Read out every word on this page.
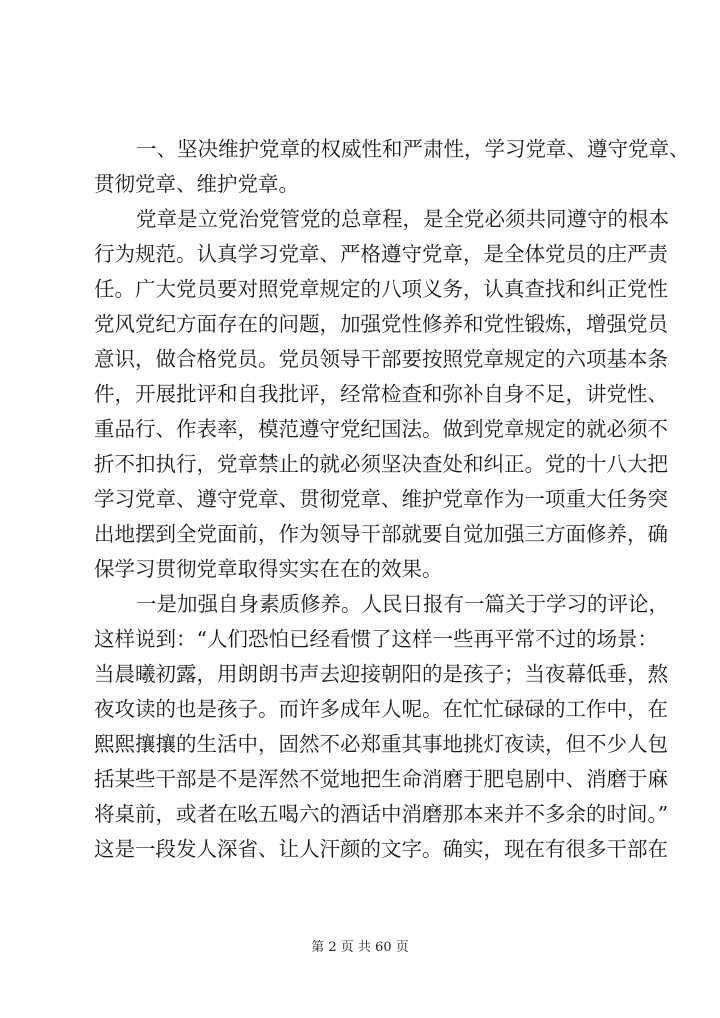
一、坚决维护党章的权威性和严肃性，学习党章、遵守党章、
贯彻党章、维护党章。
党章是立党治党管党的总章程，是全党必须共同遵守的根本
行为规范。认真学习党章、严格遵守党章，是全体党员的庄严责
任。广大党员要对照党章规定的八项义务，认真查找和纠正党性
党风党纪方面存在的问题，加强党性修养和党性锻炼，增强党员
意识，做合格党员。党员领导干部要按照党章规定的六项基本条
件，开展批评和自我批评，经常检查和弥补自身不足，讲党性、
重品行、作表率，模范遵守党纪国法。做到党章规定的就必须不
折不扣执行，党章禁止的就必须坚决查处和纠正。党的十八大把
学习党章、遵守党章、贯彻党章、维护党章作为一项重大任务突
出地摆到全党面前，作为领导干部就要自觉加强三方面修养，确
保学习贯彻党章取得实实在在的效果。
一是加强自身素质修养。人民日报有一篇关于学习的评论，
这样说到：“人们恐怕已经看惯了这样一些再平常不过的场景：
当晨曦初露，用朗朗书声去迎接朝阳的是孩子；当夜幕低垂，熬
夜攻读的也是孩子。而许多成年人呢。在忙忙碌碌的工作中，在
熙熙攘攘的生活中，固然不必郑重其事地挑灯夜读，但不少人包
括某些干部是不是浑然不觉地把生命消磨于肥皂剧中、消磨于麻
将桌前，或者在吆五喝六的酒话中消磨那本来并不多余的时间。”
这是一段发人深省、让人汗颜的文字。确实，现在有很多干部在
第 2 页 共 60 页
